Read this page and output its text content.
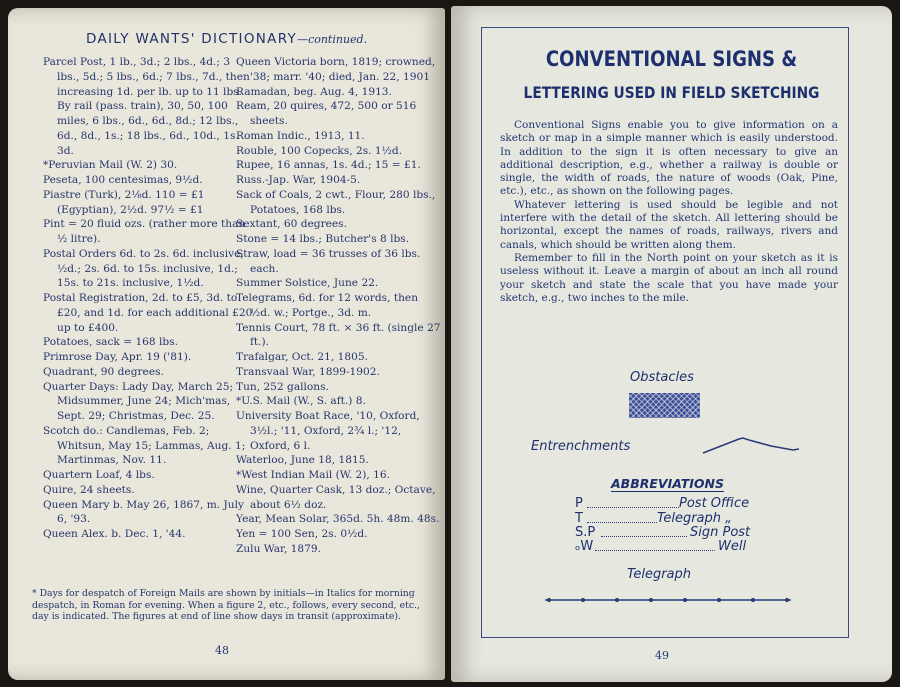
DAILY WANTS' DICTIONARY—continued.
Parcel Post, 1 lb., 3d.; 2 lbs., 4d.; 3 lbs., 5d.; 5 lbs., 6d.; 7 lbs., 7d., then increasing 1d. per lb. up to 11 lbs. By rail (pass. train), 30, 50, 100 miles, 6 lbs., 6d., 6d., 8d.; 12 lbs., 6d., 8d., 1s.; 18 lbs., 6d., 10d., 1s. 3d.
*Peruvian Mail (W. 2) 30.
Peseta, 100 centesimas, 9½d.
Piastre (Turk), 2⅛d. 110 = £1 (Egyptian), 2½d. 97½ = £1
Pint = 20 fluid ozs. (rather more than ½ litre).
Postal Orders 6d. to 2s. 6d. inclusive, ½d.; 2s. 6d. to 15s. inclusive, 1d.; 15s. to 21s. inclusive, 1½d.
Postal Registration, 2d. to £5, 3d. to £20, and 1d. for each additional £20 up to £400.
Potatoes, sack = 168 lbs.
Primrose Day, Apr. 19 ('81).
Quadrant, 90 degrees.
Quarter Days: Lady Day, March 25; Midsummer, June 24; Mich'mas, Sept. 29; Christmas, Dec. 25.
Scotch do.: Candlemas, Feb. 2; Whitsun, May 15; Lammas, Aug. 1; Martinmas, Nov. 11.
Quartern Loaf, 4 lbs.
Quire, 24 sheets.
Queen Mary b. May 26, 1867, m. July 6, '93.
Queen Alex. b. Dec. 1, '44.
Queen Victoria born, 1819; crowned, '38; marr. '40; died, Jan. 22, 1901
Ramadan, beg. Aug. 4, 1913.
Ream, 20 quires, 472, 500 or 516 sheets.
Roman Indic., 1913, 11.
Rouble, 100 Copecks, 2s. 1½d.
Rupee, 16 annas, 1s. 4d.; 15 = £1.
Russ.-Jap. War, 1904-5.
Sack of Coals, 2 cwt., Flour, 280 lbs., Potatoes, 168 lbs.
Sextant, 60 degrees.
Stone = 14 lbs.; Butcher's 8 lbs.
Straw, load = 36 trusses of 36 lbs. each.
Summer Solstice, June 22.
Telegrams, 6d. for 12 words, then ½d. w.; Portge., 3d. m.
Tennis Court, 78 ft. × 36 ft. (single 27 ft.).
Trafalgar, Oct. 21, 1805.
Transvaal War, 1899-1902.
Tun, 252 gallons.
*U.S. Mail (W., S. aft.) 8.
University Boat Race, '10, Oxford, 3½l.; '11, Oxford, 2¾ l.; '12, Oxford, 6 l.
Waterloo, June 18, 1815.
*West Indian Mail (W. 2), 16.
Wine, Quarter Cask, 13 doz.; Octave, about 6½ doz.
Year, Mean Solar, 365d. 5h. 48m. 48s.
Yen = 100 Sen, 2s. 0½d.
Zulu War, 1879.
* Days for despatch of Foreign Mails are shown by initials—in Italics for morning despatch, in Roman for evening. When a figure 2, etc., follows, every second, etc., day is indicated. The figures at end of line show days in transit (approximate).
48
CONVENTIONAL SIGNS &
LETTERING USED IN FIELD SKETCHING

Conventional Signs enable you to give information on a sketch or map in a simple manner which is easily understood. In addition to the sign it is often necessary to give an additional description, e.g., whether a railway is double or single, the width of roads, the nature of woods (Oak, Pine, etc.), etc., as shown on the following pages.

Whatever lettering is used should be legible and not interfere with the detail of the sketch. All lettering should be horizontal, except the names of roads, railways, rivers and canals, which should be written along them.

Remember to fill in the North point on your sketch as it is useless without it. Leave a margin of about an inch all round your sketch and state the scale that you have made your sketch, e.g., two inches to the mile.

Obstacles
Entrenchments
ABBREVIATIONS
P	Post Office
T	Telegraph „
S.P	Sign Post
ₒW	Well
Telegraph
49
